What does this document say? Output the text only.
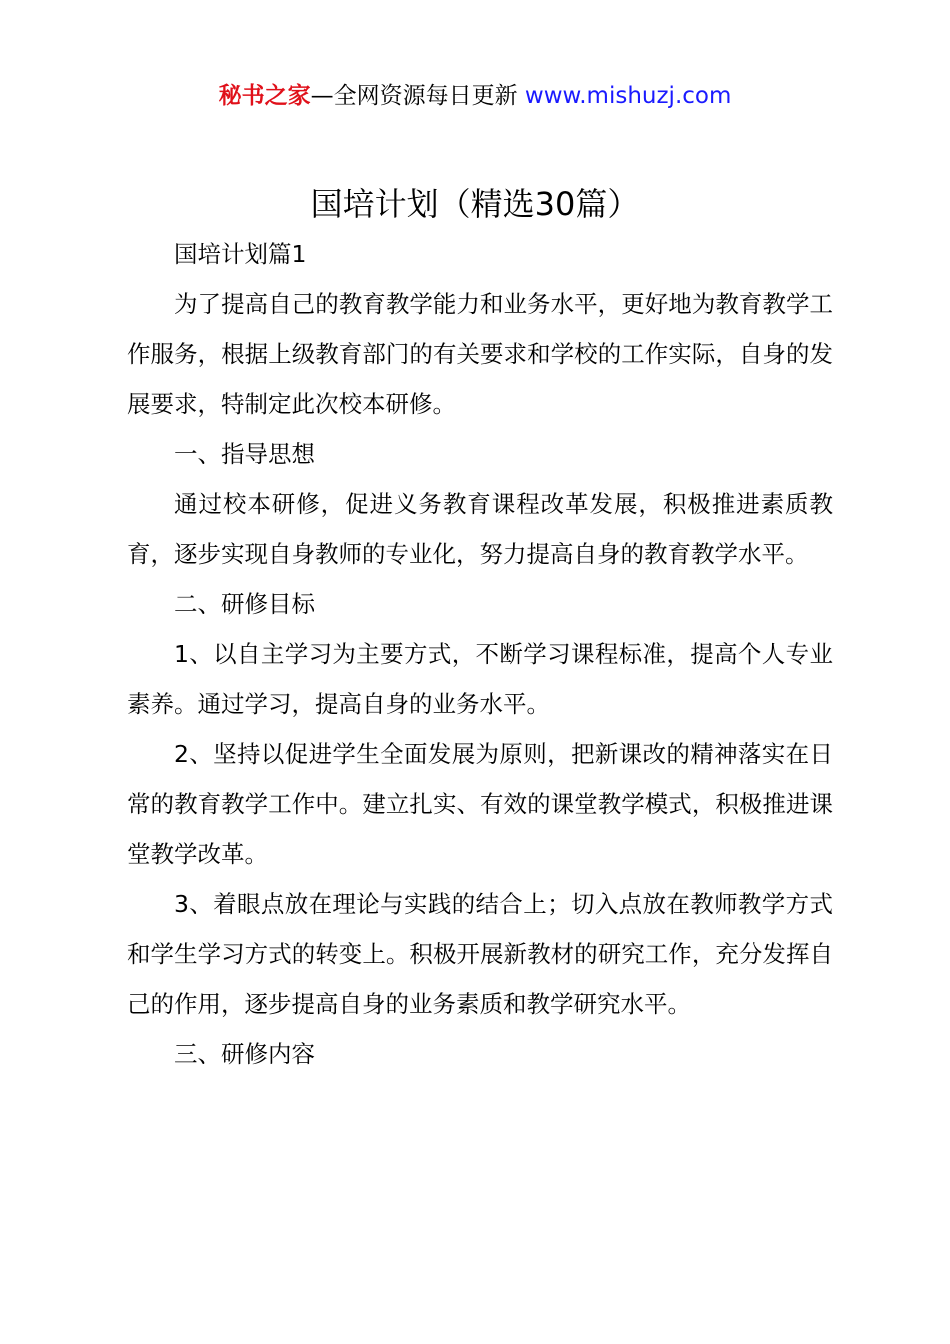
秘书之家—全网资源每日更新 www.mishuzj.com
国培计划（精选30篇）

国培计划篇1

为了提高自己的教育教学能力和业务水平，更好地为教育教学工作服务，根据上级教育部门的有关要求和学校的工作实际，自身的发展要求，特制定此次校本研修。

一、指导思想

通过校本研修，促进义务教育课程改革发展，积极推进素质教育，逐步实现自身教师的专业化，努力提高自身的教育教学水平。

二、研修目标

1、以自主学习为主要方式，不断学习课程标准，提高个人专业素养。通过学习，提高自身的业务水平。

2、坚持以促进学生全面发展为原则，把新课改的精神落实在日常的教育教学工作中。建立扎实、有效的课堂教学模式，积极推进课堂教学改革。

3、着眼点放在理论与实践的结合上；切入点放在教师教学方式和学生学习方式的转变上。积极开展新教材的研究工作，充分发挥自己的作用，逐步提高自身的业务素质和教学研究水平。

三、研修内容
